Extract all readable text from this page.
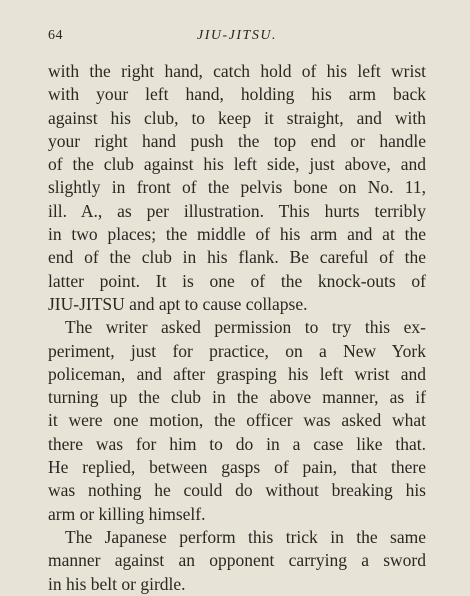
64	JIU-JITSU.
with the right hand, catch hold of his left wrist
with your left hand, holding his arm back
against his club, to keep it straight, and with
your right hand push the top end or handle
of the club against his left side, just above, and
slightly in front of the pelvis bone on No. 11,
ill. A., as per illustration. This hurts terribly
in two places; the middle of his arm and at the
end of the club in his flank. Be careful of the
latter point. It is one of the knock-outs of
JIU-JITSU and apt to cause collapse.
The writer asked permission to try this ex-
periment, just for practice, on a New York
policeman, and after grasping his left wrist and
turning up the club in the above manner, as if
it were one motion, the officer was asked what
there was for him to do in a case like that.
He replied, between gasps of pain, that there
was nothing he could do without breaking his
arm or killing himself.
The Japanese perform this trick in the same
manner against an opponent carrying a sword
in his belt or girdle.
